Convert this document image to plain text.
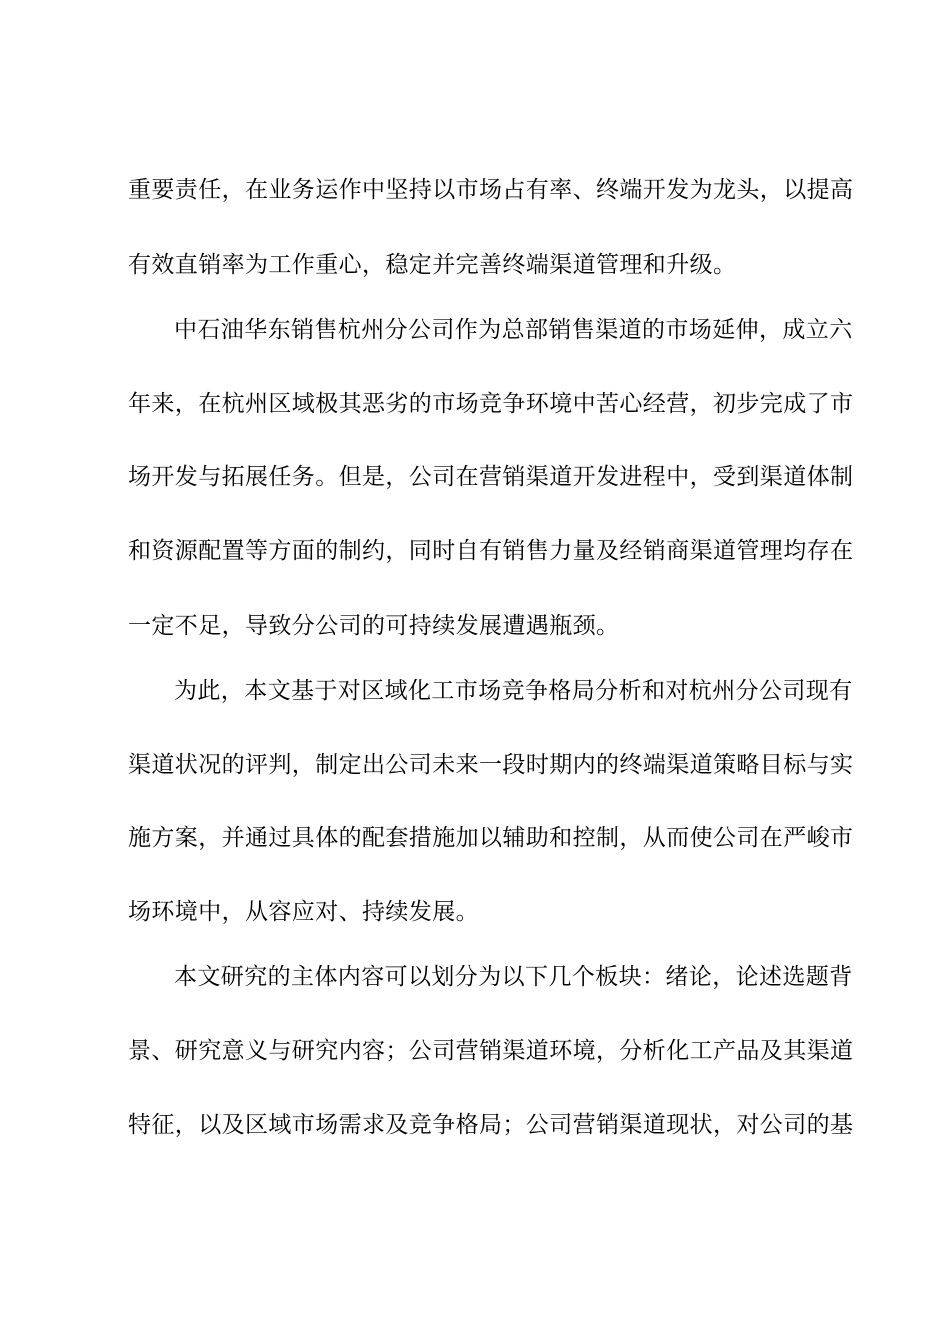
重要责任，在业务运作中坚持以市场占有率、终端开发为龙头，以提高
有效直销率为工作重心，稳定并完善终端渠道管理和升级。
中石油华东销售杭州分公司作为总部销售渠道的市场延伸，成立六
年来，在杭州区域极其恶劣的市场竞争环境中苦心经营，初步完成了市
场开发与拓展任务。但是，公司在营销渠道开发进程中，受到渠道体制
和资源配置等方面的制约，同时自有销售力量及经销商渠道管理均存在
一定不足，导致分公司的可持续发展遭遇瓶颈。
为此，本文基于对区域化工市场竞争格局分析和对杭州分公司现有
渠道状况的评判，制定出公司未来一段时期内的终端渠道策略目标与实
施方案，并通过具体的配套措施加以辅助和控制，从而使公司在严峻市
场环境中，从容应对、持续发展。
本文研究的主体内容可以划分为以下几个板块：绪论，论述选题背
景、研究意义与研究内容；公司营销渠道环境，分析化工产品及其渠道
特征，以及区域市场需求及竞争格局；公司营销渠道现状，对公司的基
